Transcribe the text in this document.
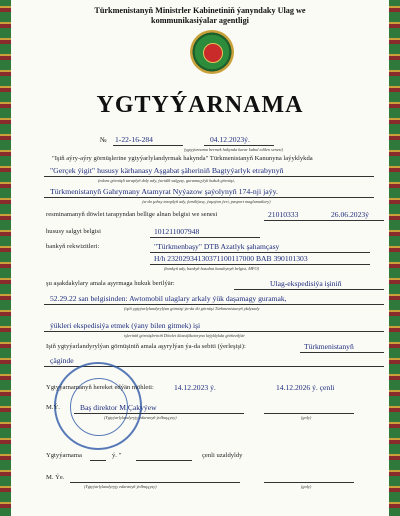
Türkmenistanyň Ministrler Kabinetiniň ýanyndaky Ulag we
kommunikasiýalar agentligi
YGTYÝARNAMA
№ 1-22-16-284	04.12.2023ý.
(ygtyýarnama bermek hakynda karar kabul edilen senesi)
"Işiň aýry-aýry görnüşlerine ygtyýarlylandyrmak hakynda" Türkmenistanyň Kanunyna laýyklykda
"Gerçek ýigit" hususy kärhanasy Aşgabat şäheriniň Bagtyýarlyk etrabynyň
(edara görnüşli taraplyň doly ady, ýuridik salgysy, guramaçylyk hukuk görnüşi,
Türkmenistanyň Gahrymany Atamyrat Nyýazow şaýolynyň 174-nji jaýy.
ýa-da şahsy taraplyň ady, familiýasy, ýaşaýan ýeri, pasport maglumatlary)
resminamanyň döwlet tarapyndan bellige alnan belgisi we senesi	21010333	26.06.2023ý
hususy salgyt belgisi	101211007948
bankyň rekwizitleri:	"Türkmenbaşy" DTB Azatlyk şahamçasy
H/h 23202934130371100117000 BAB 390101303
(bankyň ady, bankyň hasabat hasabynyň belgisi, MFO)
şu aşakdakylary amala aşyrmaga hukuk berilýär:	Ulag-ekspedisiýa işiniň
52.29.22 san belgisinden: Awtomobil ulaglary arkaly ýük daşamagy guramak,
(işiň ygtyýarlylandyrylýan görnüşi ýa-da iki görnüşi Türkmenistanyň ykdysady
ýükleri ekspedisiýa etmek (ýany bilen gitmek) işi
işleriniň görnüşleriniň Döwlet klassifikatoryna laýyklykda görkezilýär
Işiň ygtyýarlandyrylýan görnüşiniň amala aşyrylýan ýa-da sebiti (ýerleşişi):	Türkmenistanyň
çäginde
Ygtyýarnamanyň hereket edýän möhleti:	14.12.2023 ý.	14.12.2026 ý. çenli
M.Ý.	Baş direktor M.Çakyýew
(Ygtyýarlylandyryjy edaranyň ýolbaşçysy)	(goly)
Ygtyýarnama	ý. "	çenli uzaldyldy
M. Ýe.
(Ygtyýarlylandyryjy edaranyň ýolbaşçysy)	(goly)
